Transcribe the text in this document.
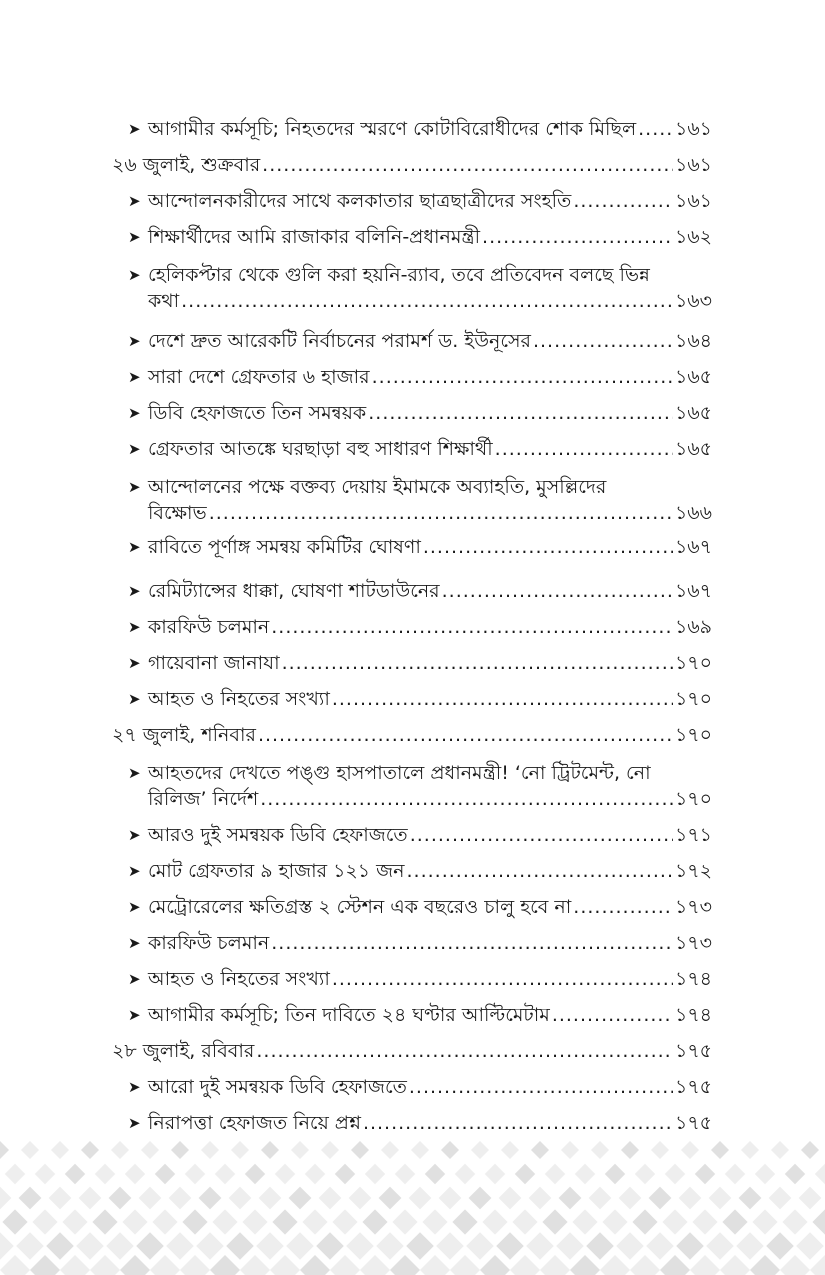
➤ আগামীর কর্মসূচি; নিহতদের স্মরণে কোটাবিরোধীদের শোক মিছিল ..... ১৬১
২৬ জুলাই, শুক্রবার .....	১৬১
➤ আন্দোলনকারীদের সাথে কলকাতার ছাত্রছাত্রীদের সংহতি .....	১৬১
➤ শিক্ষার্থীদের আমি রাজাকার বলিনি-প্রধানমন্ত্রী .....	১৬২
➤ হেলিকপ্টার থেকে গুলি করা হয়নি-র‍্যাব, তবে প্রতিবেদন বলছে ভিন্ন
কথা .....	১৬৩
➤ দেশে দ্রুত আরেকটি নির্বাচনের পরামর্শ ড. ইউনূসের .....	১৬৪
➤ সারা দেশে গ্রেফতার ৬ হাজার .....	১৬৫
➤ ডিবি হেফাজতে তিন সমন্বয়ক .....	১৬৫
➤ গ্রেফতার আতঙ্কে ঘরছাড়া বহু সাধারণ শিক্ষার্থী .....	১৬৫
➤ আন্দোলনের পক্ষে বক্তব্য দেয়ায় ইমামকে অব্যাহতি, মুসল্লিদের
বিক্ষোভ .....	১৬৬
➤ রাবিতে পূর্ণাঙ্গ সমন্বয় কমিটির ঘোষণা .....	১৬৭
➤ রেমিট্যান্সের ধাক্কা, ঘোষণা শাটডাউনের .....	১৬৭
➤ কারফিউ চলমান .....	১৬৯
➤ গায়েবানা জানাযা .....	১৭০
➤ আহত ও নিহতের সংখ্যা .....	১৭০
২৭ জুলাই, শনিবার .....	১৭০
➤ আহতদের দেখতে পঙ্গু হাসপাতালে প্রধানমন্ত্রী! ‘নো ট্রিটমেন্ট, নো
রিলিজ’ নির্দেশ .....	১৭০
➤ আরও দুই সমন্বয়ক ডিবি হেফাজতে .....	১৭১
➤ মোট গ্রেফতার ৯ হাজার ১২১ জন .....	১৭২
➤ মেট্রোরেলের ক্ষতিগ্রস্ত ২ স্টেশন এক বছরেও চালু হবে না .....	১৭৩
➤ কারফিউ চলমান .....	১৭৩
➤ আহত ও নিহতের সংখ্যা .....	১৭৪
➤ আগামীর কর্মসূচি; তিন দাবিতে ২৪ ঘণ্টার আল্টিমেটাম .....	১৭৪
২৮ জুলাই, রবিবার .....	১৭৫
➤ আরো দুই সমন্বয়ক ডিবি হেফাজতে .....	১৭৫
➤ নিরাপত্তা হেফাজত নিয়ে প্রশ্ন .....	১৭৫
